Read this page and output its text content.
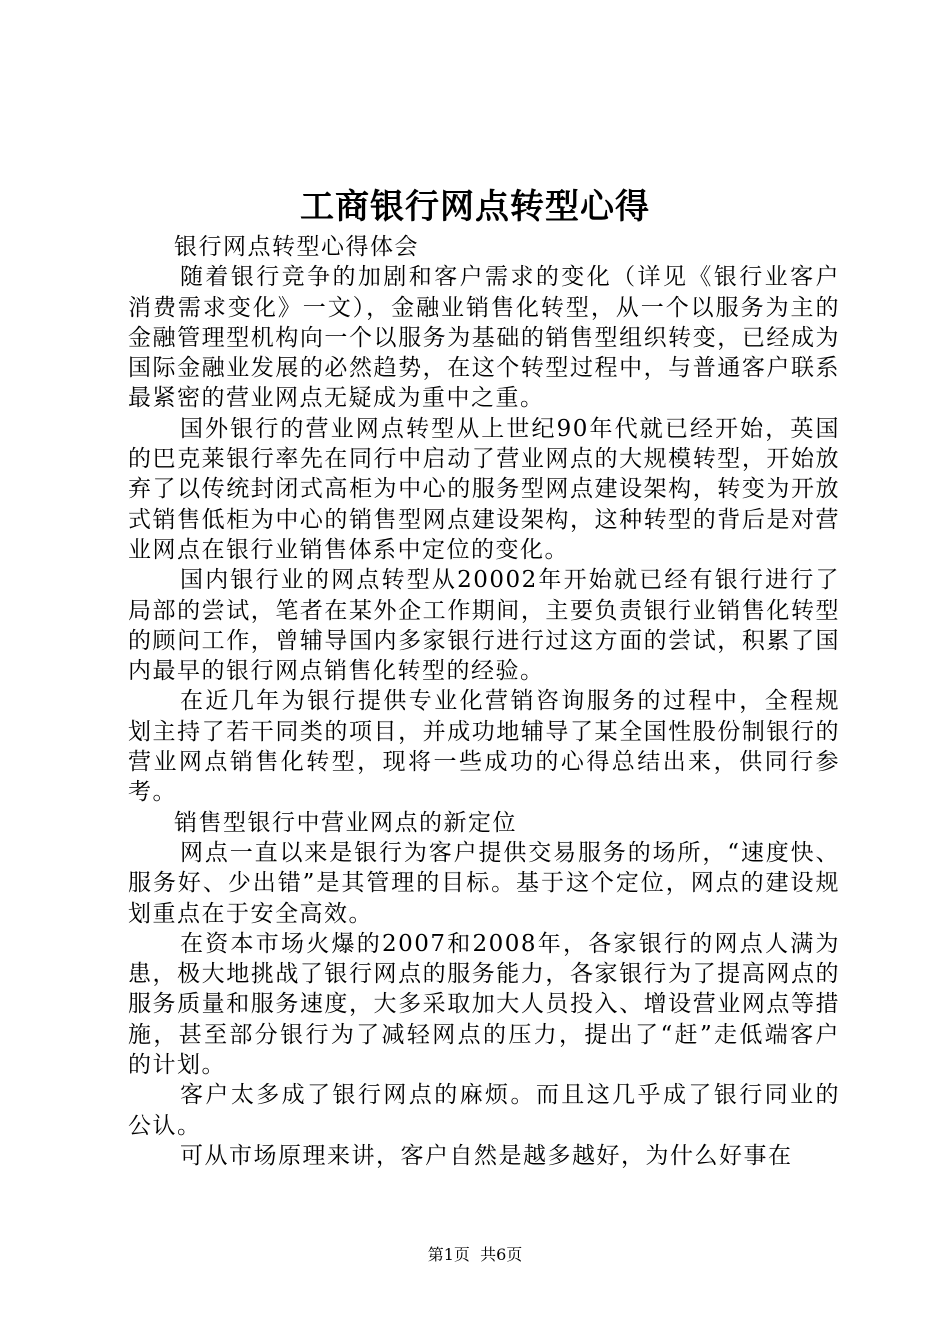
工商银行网点转型心得

银行网点转型心得体会

随着银行竞争的加剧和客户需求的变化（详见《银行业客户消费需求变化》一文），金融业销售化转型，从一个以服务为主的金融管理型机构向一个以服务为基础的销售型组织转变，已经成为国际金融业发展的必然趋势，在这个转型过程中，与普通客户联系最紧密的营业网点无疑成为重中之重。

国外银行的营业网点转型从上世纪90年代就已经开始，英国的巴克莱银行率先在同行中启动了营业网点的大规模转型，开始放弃了以传统封闭式高柜为中心的服务型网点建设架构，转变为开放式销售低柜为中心的销售型网点建设架构，这种转型的背后是对营业网点在银行业销售体系中定位的变化。

国内银行业的网点转型从20002年开始就已经有银行进行了局部的尝试，笔者在某外企工作期间，主要负责银行业销售化转型的顾问工作，曾辅导国内多家银行进行过这方面的尝试，积累了国内最早的银行网点销售化转型的经验。

在近几年为银行提供专业化营销咨询服务的过程中，全程规划主持了若干同类的项目，并成功地辅导了某全国性股份制银行的营业网点销售化转型，现将一些成功的心得总结出来，供同行参考。

销售型银行中营业网点的新定位

网点一直以来是银行为客户提供交易服务的场所，“速度快、服务好、少出错”是其管理的目标。基于这个定位，网点的建设规划重点在于安全高效。

在资本市场火爆的2007和2008年，各家银行的网点人满为患，极大地挑战了银行网点的服务能力，各家银行为了提高网点的服务质量和服务速度，大多采取加大人员投入、增设营业网点等措施，甚至部分银行为了减轻网点的压力，提出了“赶”走低端客户的计划。

客户太多成了银行网点的麻烦。而且这几乎成了银行同业的公认。

可从市场原理来讲，客户自然是越多越好，为什么好事在

第1页  共6页
